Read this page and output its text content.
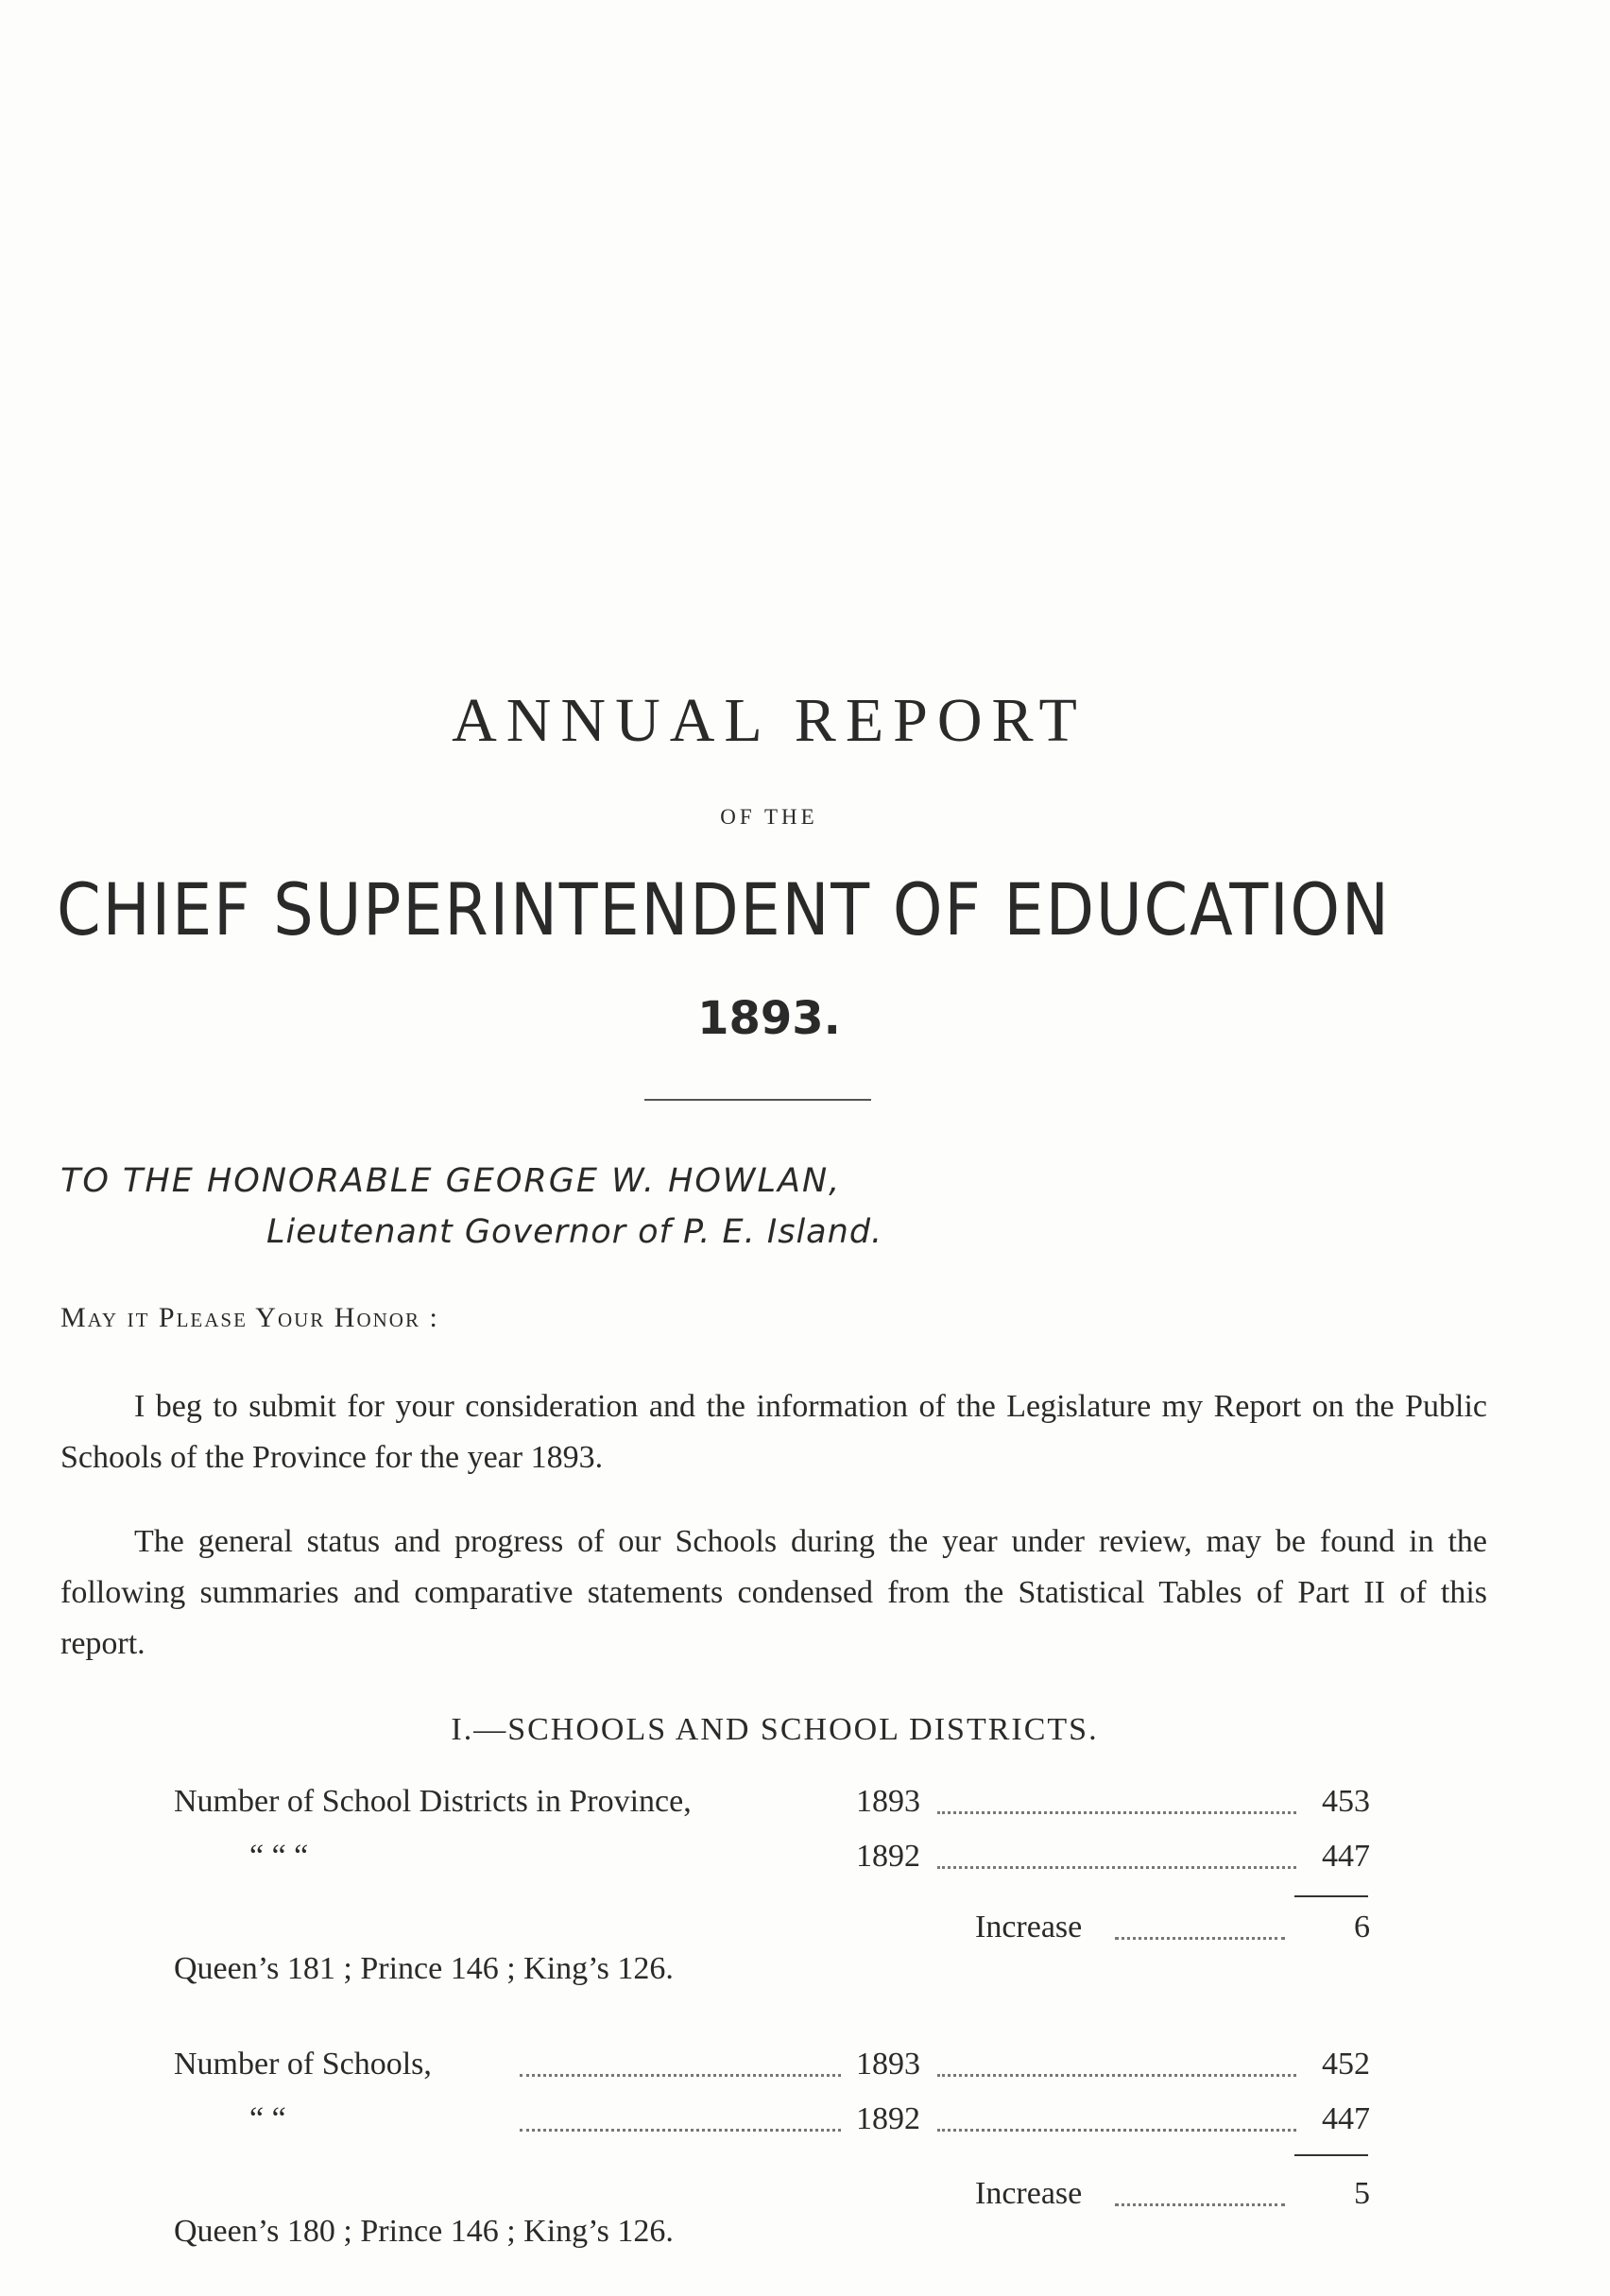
ANNUAL REPORT
OF THE
CHIEF SUPERINTENDENT OF EDUCATION
1893.
TO THE HONORABLE GEORGE W. HOWLAN,
Lieutenant Governor of P. E. Island.
May it Please Your Honor :

I beg to submit for your consideration and the information of the Legislature my Report on the Public Schools of the Province for the year 1893.

The general status and progress of our Schools during the year under review, may be found in the following summaries and comparative statements condensed from the Statistical Tables of Part II of this report.

I.—SCHOOLS AND SCHOOL DISTRICTS.
Number of School Districts in Province,	1893	453
“ “ “	1892	447
Increase	6
Queen’s 181 ; Prince 146 ; King’s 126.
Number of Schools,	1893	452
“ “	1892	447
Increase	5
Queen’s 180 ; Prince 146 ; King’s 126.
